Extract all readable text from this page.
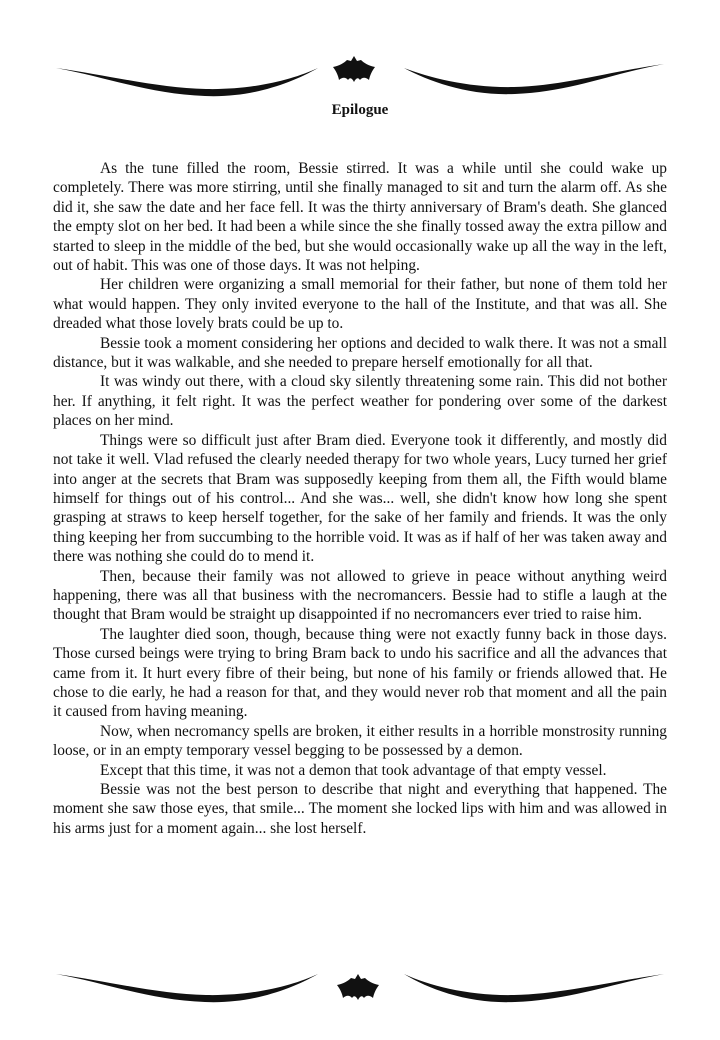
Epilogue

As the tune filled the room, Bessie stirred. It was a while until she could wake up completely. There was more stirring, until she finally managed to sit and turn the alarm off. As she did it, she saw the date and her face fell. It was the thirty anniversary of Bram's death. She glanced the empty slot on her bed. It had been a while since the she finally tossed away the extra pillow and started to sleep in the middle of the bed, but she would occasionally wake up all the way in the left, out of habit. This was one of those days. It was not helping.

Her children were organizing a small memorial for their father, but none of them told her what would happen. They only invited everyone to the hall of the Institute, and that was all. She dreaded what those lovely brats could be up to.

Bessie took a moment considering her options and decided to walk there. It was not a small distance, but it was walkable, and she needed to prepare herself emotionally for all that.

It was windy out there, with a cloud sky silently threatening some rain. This did not bother her. If anything, it felt right. It was the perfect weather for pondering over some of the darkest places on her mind.

Things were so difficult just after Bram died. Everyone took it differently, and mostly did not take it well. Vlad refused the clearly needed therapy for two whole years, Lucy turned her grief into anger at the secrets that Bram was supposedly keeping from them all, the Fifth would blame himself for things out of his control... And she was... well, she didn't know how long she spent grasping at straws to keep herself together, for the sake of her family and friends. It was the only thing keeping her from succumbing to the horrible void. It was as if half of her was taken away and there was nothing she could do to mend it.

Then, because their family was not allowed to grieve in peace without anything weird happening, there was all that business with the necromancers. Bessie had to stifle a laugh at the thought that Bram would be straight up disappointed if no necromancers ever tried to raise him.

The laughter died soon, though, because thing were not exactly funny back in those days. Those cursed beings were trying to bring Bram back to undo his sacrifice and all the advances that came from it. It hurt every fibre of their being, but none of his family or friends allowed that. He chose to die early, he had a reason for that, and they would never rob that moment and all the pain it caused from having meaning.

Now, when necromancy spells are broken, it either results in a horrible monstrosity running loose, or in an empty temporary vessel begging to be possessed by a demon.

Except that this time, it was not a demon that took advantage of that empty vessel.

Bessie was not the best person to describe that night and everything that happened. The moment she saw those eyes, that smile... The moment she locked lips with him and was allowed in his arms just for a moment again... she lost herself.
